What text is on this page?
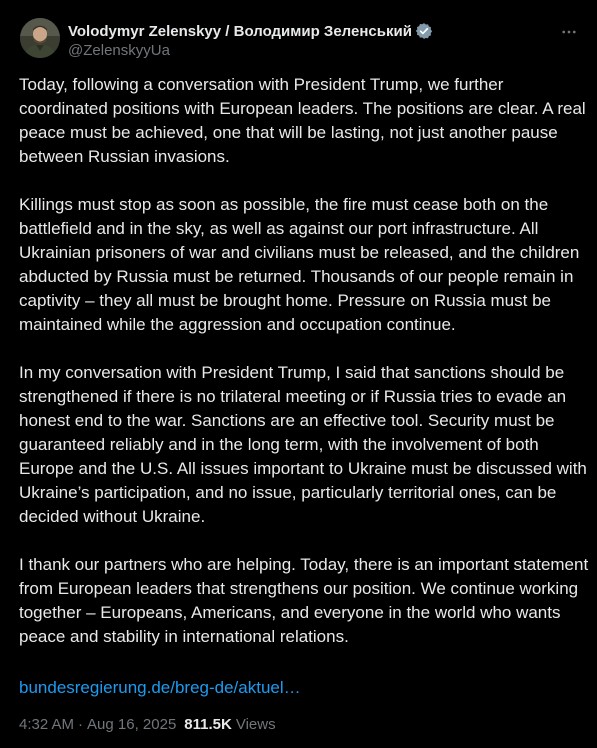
Volodymyr Zelenskyy / Володимир Зеленський
@ZelenskyyUa

Today, following a conversation with President Trump, we further coordinated positions with European leaders. The positions are clear. A real peace must be achieved, one that will be lasting, not just another pause between Russian invasions.

Killings must stop as soon as possible, the fire must cease both on the battlefield and in the sky, as well as against our port infrastructure. All Ukrainian prisoners of war and civilians must be released, and the children abducted by Russia must be returned. Thousands of our people remain in captivity – they all must be brought home. Pressure on Russia must be maintained while the aggression and occupation continue.

In my conversation with President Trump, I said that sanctions should be strengthened if there is no trilateral meeting or if Russia tries to evade an honest end to the war. Sanctions are an effective tool. Security must be guaranteed reliably and in the long term, with the involvement of both Europe and the U.S. All issues important to Ukraine must be discussed with Ukraine’s participation, and no issue, particularly territorial ones, can be decided without Ukraine.

I thank our partners who are helping. Today, there is an important statement from European leaders that strengthens our position. We continue working together – Europeans, Americans, and everyone in the world who wants peace and stability in international relations.

bundesregierung.de/breg-de/aktuel…
4:32 AM · Aug 16, 2025 811.5K Views
